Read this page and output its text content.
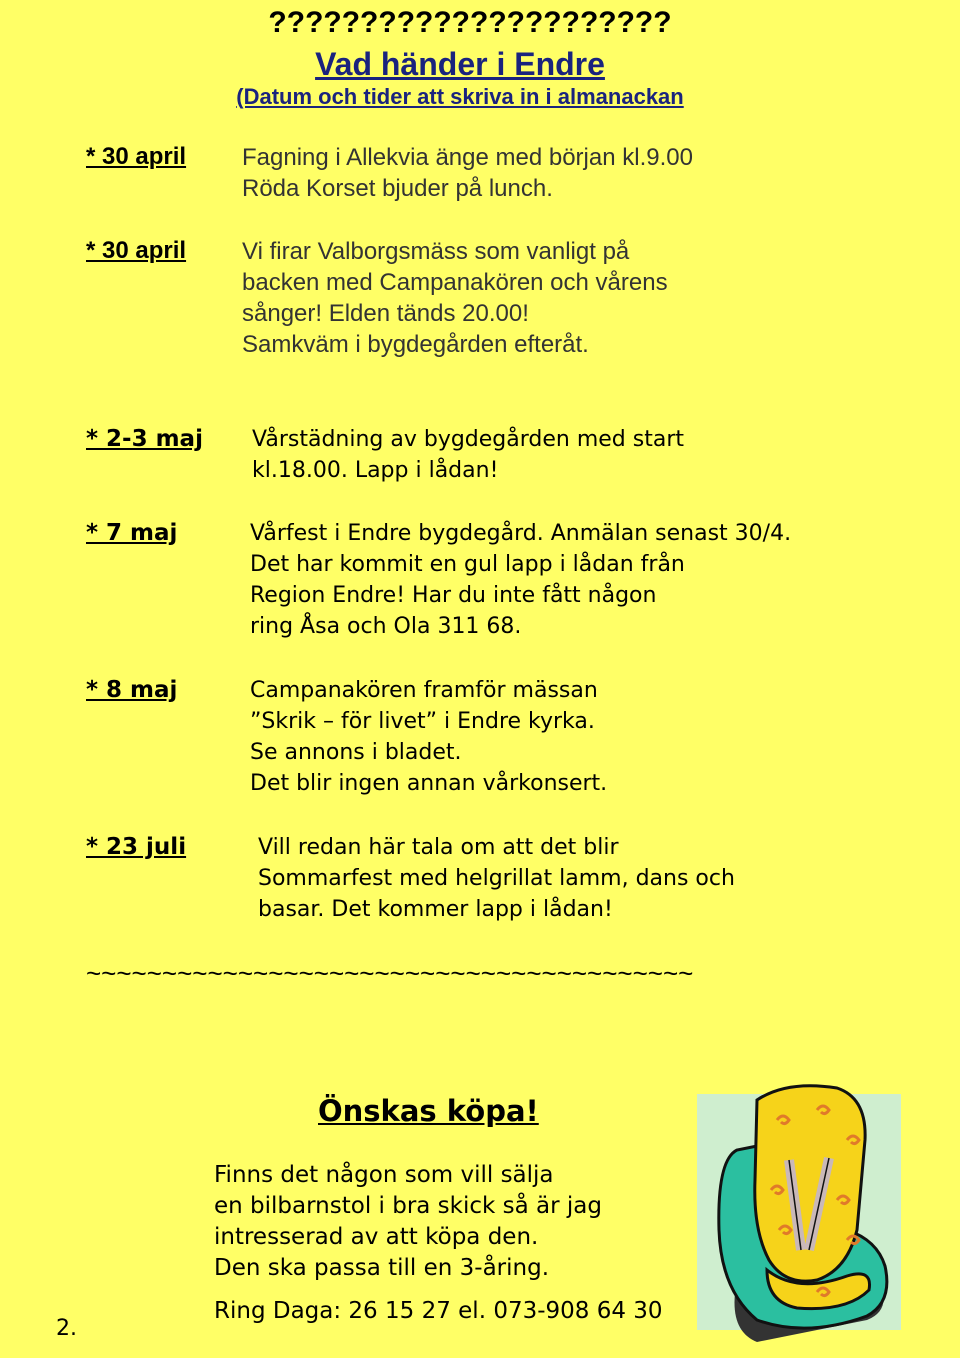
??????????????????????
Vad händer i Endre
(Datum och tider att skriva in i almanackan
* 30 april Fagning i Allekvia änge med början kl.9.00
Röda Korset bjuder på lunch.
* 30 april Vi firar Valborgsmäss som vanligt på
backen med Campanakören och vårens
sånger! Elden tänds 20.00!
Samkväm i bygdegården efteråt.
* 2-3 maj Vårstädning av bygdegården med start
kl.18.00. Lapp i lådan!
* 7 maj	Vårfest i Endre bygdegård. Anmälan senast 30/4.
Det har kommit en gul lapp i lådan från
Region Endre! Har du inte fått någon
ring Åsa och Ola 311 68.
* 8 maj	Campanakören framför mässan
”Skrik – för livet” i Endre kyrka.
Se annons i bladet.
Det blir ingen annan vårkonsert.
* 23 juli	Vill redan här tala om att det blir
Sommarfest med helgrillat lamm, dans och
basar. Det kommer lapp i lådan!
~~~~~~~~~~~~~~~~~~~~~~~~~~~~~~~~~~~~~~~~
Önskas köpa!
Finns det någon som vill sälja
en bilbarnstol i bra skick så är jag
intresserad av att köpa den.
Den ska passa till en 3-åring.
Ring Daga: 26 15 27 el. 073-908 64 30
2.
